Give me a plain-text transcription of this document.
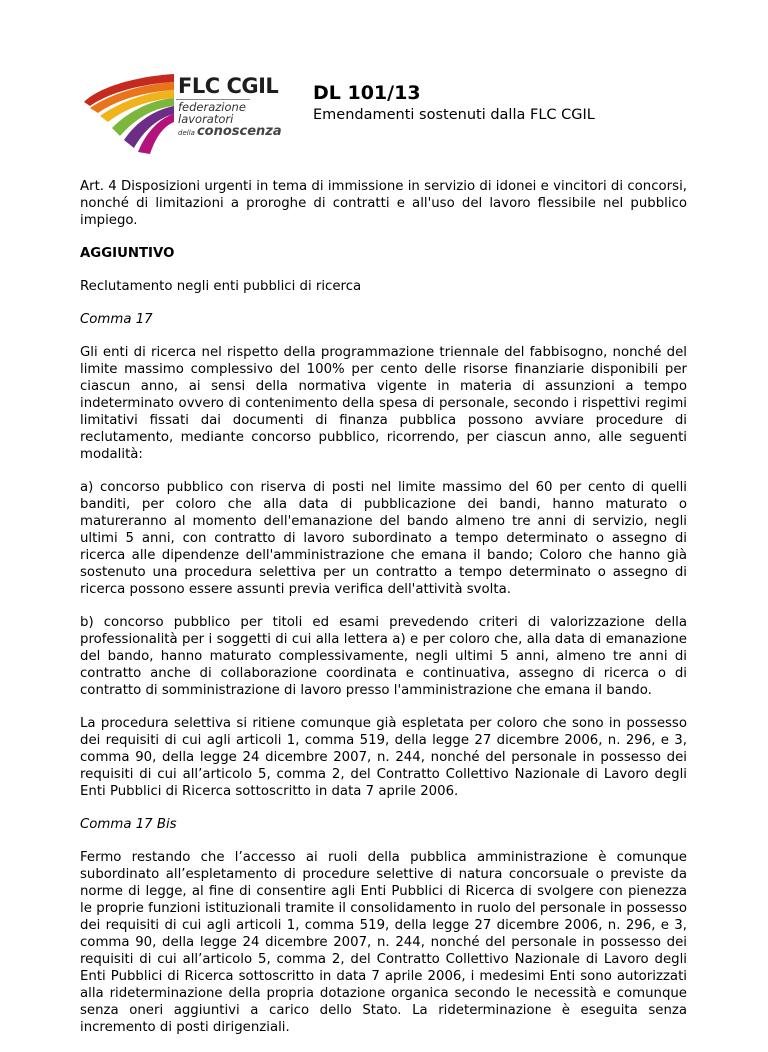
FLC CGIL
federazione
lavoratori
della conoscenza
DL 101/13
Emendamenti sostenuti dalla FLC CGIL

Art. 4 Disposizioni urgenti in tema di immissione in servizio di idonei e vincitori di concorsi, nonché di limitazioni a proroghe di contratti e all'uso del lavoro flessibile nel pubblico impiego.

AGGIUNTIVO

Reclutamento negli enti pubblici di ricerca

Comma 17

Gli enti di ricerca nel rispetto della programmazione triennale del fabbisogno, nonché del limite massimo complessivo del 100% per cento delle risorse finanziarie disponibili per ciascun anno, ai sensi della normativa vigente in materia di assunzioni a tempo indeterminato ovvero di contenimento della spesa di personale, secondo i rispettivi regimi limitativi fissati dai documenti di finanza pubblica possono avviare procedure di reclutamento, mediante concorso pubblico, ricorrendo, per ciascun anno, alle seguenti modalità:

a) concorso pubblico con riserva di posti nel limite massimo del 60 per cento di quelli banditi, per coloro che alla data di pubblicazione dei bandi, hanno maturato o matureranno al momento dell'emanazione del bando almeno tre anni di servizio, negli ultimi 5 anni, con contratto di lavoro subordinato a tempo determinato o assegno di ricerca alle dipendenze dell'amministrazione che emana il bando; Coloro che hanno già sostenuto una procedura selettiva per un contratto a tempo determinato o assegno di ricerca possono essere assunti previa verifica dell'attività svolta.

b) concorso pubblico per titoli ed esami prevedendo criteri di valorizzazione della professionalità per i soggetti di cui alla lettera a) e per coloro che, alla data di emanazione del bando, hanno maturato complessivamente, negli ultimi 5 anni, almeno tre anni di contratto anche di collaborazione coordinata e continuativa, assegno di ricerca o di contratto di somministrazione di lavoro presso l'amministrazione che emana il bando.

La procedura selettiva si ritiene comunque già espletata per coloro che sono in possesso dei requisiti di cui agli articoli 1, comma 519, della legge 27 dicembre 2006, n. 296, e 3, comma 90, della legge 24 dicembre 2007, n. 244, nonché del personale in possesso dei requisiti di cui all’articolo 5, comma 2, del Contratto Collettivo Nazionale di Lavoro degli Enti Pubblici di Ricerca sottoscritto in data 7 aprile 2006.

Comma 17 Bis

Fermo restando che l’accesso ai ruoli della pubblica amministrazione è comunque subordinato all’espletamento di procedure selettive di natura concorsuale o previste da norme di legge, al fine di consentire agli Enti Pubblici di Ricerca di svolgere con pienezza le proprie funzioni istituzionali tramite il consolidamento in ruolo del personale in possesso dei requisiti di cui agli articoli 1, comma 519, della legge 27 dicembre 2006, n. 296, e 3, comma 90, della legge 24 dicembre 2007, n. 244, nonché del personale in possesso dei requisiti di cui all’articolo 5, comma 2, del Contratto Collettivo Nazionale di Lavoro degli Enti Pubblici di Ricerca sottoscritto in data 7 aprile 2006, i medesimi Enti sono autorizzati alla rideterminazione della propria dotazione organica secondo le necessità e comunque senza oneri aggiuntivi a carico dello Stato. La rideterminazione è eseguita senza incremento di posti dirigenziali.
